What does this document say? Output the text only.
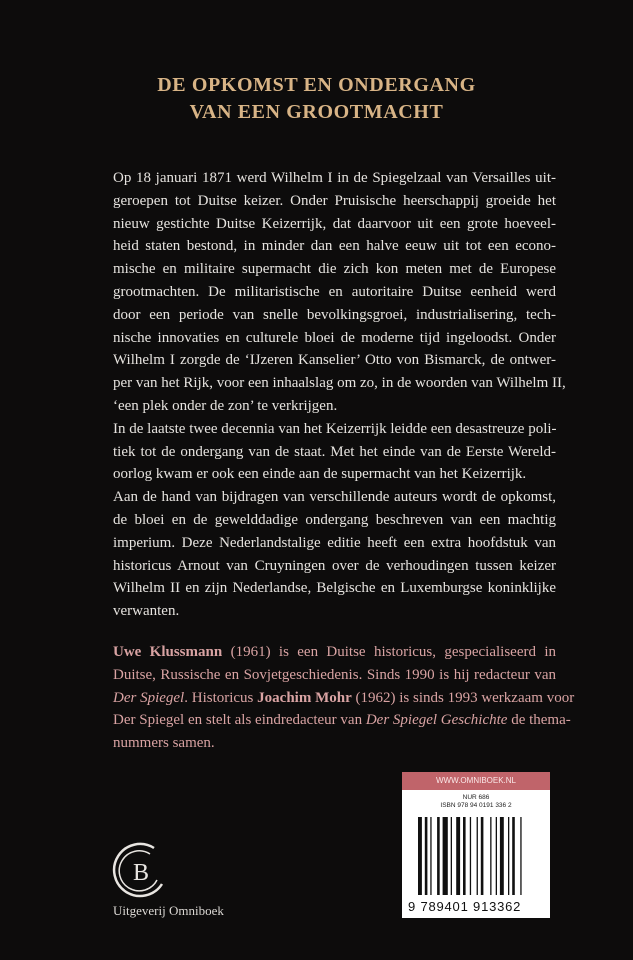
DE OPKOMST EN ONDERGANG
VAN EEN GROOTMACHT
Op 18 januari 1871 werd Wilhelm I in de Spiegelzaal van Versailles uit-
geroepen tot Duitse keizer. Onder Pruisische heerschappij groeide het
nieuw gestichte Duitse Keizerrijk, dat daarvoor uit een grote hoeveel-
heid staten bestond, in minder dan een halve eeuw uit tot een econo-
mische en militaire supermacht die zich kon meten met de Europese
grootmachten. De militaristische en autoritaire Duitse eenheid werd
door een periode van snelle bevolkingsgroei, industrialisering, tech-
nische innovaties en culturele bloei de moderne tijd ingeloodst. Onder
Wilhelm I zorgde de ‘IJzeren Kanselier’ Otto von Bismarck, de ontwer-
per van het Rijk, voor een inhaalslag om zo, in de woorden van Wilhelm II,
‘een plek onder de zon’ te verkrijgen.
In de laatste twee decennia van het Keizerrijk leidde een desastreuze poli-
tiek tot de ondergang van de staat. Met het einde van de Eerste Wereld-
oorlog kwam er ook een einde aan de supermacht van het Keizerrijk.
Aan de hand van bijdragen van verschillende auteurs wordt de opkomst,
de bloei en de gewelddadige ondergang beschreven van een machtig
imperium. Deze Nederlandstalige editie heeft een extra hoofdstuk van
historicus Arnout van Cruyningen over de verhoudingen tussen keizer
Wilhelm II en zijn Nederlandse, Belgische en Luxemburgse koninklijke
verwanten.
Uwe Klussmann (1961) is een Duitse historicus, gespecialiseerd in
Duitse, Russische en Sovjetgeschiedenis. Sinds 1990 is hij redacteur van
Der Spiegel. Historicus Joachim Mohr (1962) is sinds 1993 werkzaam voor
Der Spiegel en stelt als eindredacteur van Der Spiegel Geschichte de thema-
nummers samen.
B
Uitgeverij Omniboek
WWW.OMNIBOEK.NL
NUR 686
ISBN 978 94 0191 336 2
9 789401 913362
